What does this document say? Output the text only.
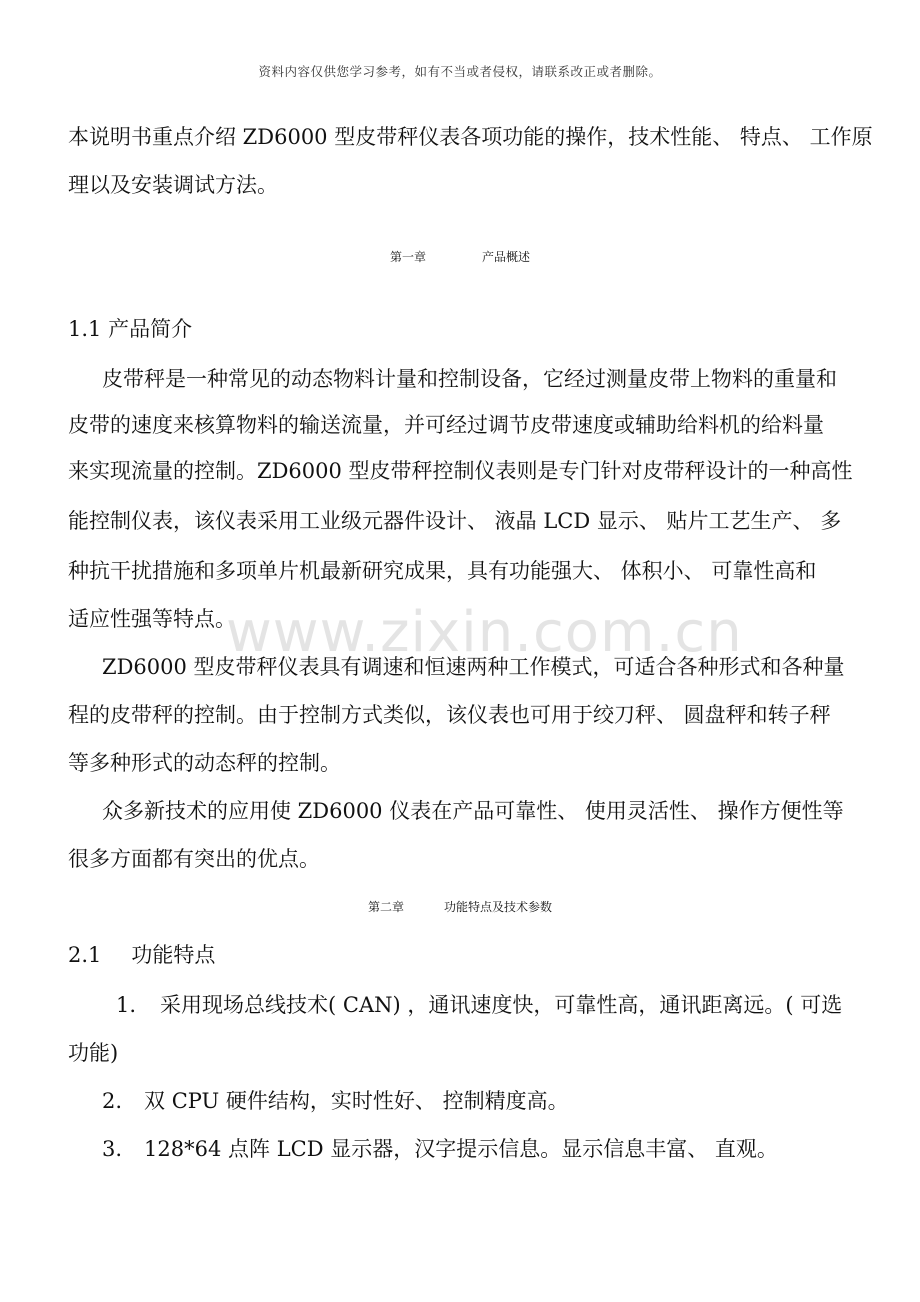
资料内容仅供您学习参考，如有不当或者侵权，请联系改正或者删除。
www.zixin.com.cn
本说明书重点介绍 ZD6000 型皮带秤仪表各项功能的操作，技术性能、 特点、 工作原
理以及安装调试方法。
第一章	产品概述
1.1 产品简介
皮带秤是一种常见的动态物料计量和控制设备，它经过测量皮带上物料的重量和
皮带的速度来核算物料的输送流量，并可经过调节皮带速度或辅助给料机的给料量
来实现流量的控制。ZD6000 型皮带秤控制仪表则是专门针对皮带秤设计的一种高性
能控制仪表，该仪表采用工业级元器件设计、 液晶 LCD 显示、 贴片工艺生产、 多
种抗干扰措施和多项单片机最新研究成果，具有功能强大、 体积小、 可靠性高和
适应性强等特点。
ZD6000 型皮带秤仪表具有调速和恒速两种工作模式，可适合各种形式和各种量
程的皮带秤的控制。由于控制方式类似，该仪表也可用于绞刀秤、 圆盘秤和转子秤
等多种形式的动态秤的控制。
众多新技术的应用使 ZD6000 仪表在产品可靠性、 使用灵活性、 操作方便性等
很多方面都有突出的优点。
第二章	功能特点及技术参数
2.1 功能特点
1. 采用现场总线技术( CAN) ，通讯速度快，可靠性高，通讯距离远。( 可选
功能)
2. 双 CPU 硬件结构，实时性好、 控制精度高。
3. 128*64 点阵 LCD 显示器，汉字提示信息。显示信息丰富、 直观。
